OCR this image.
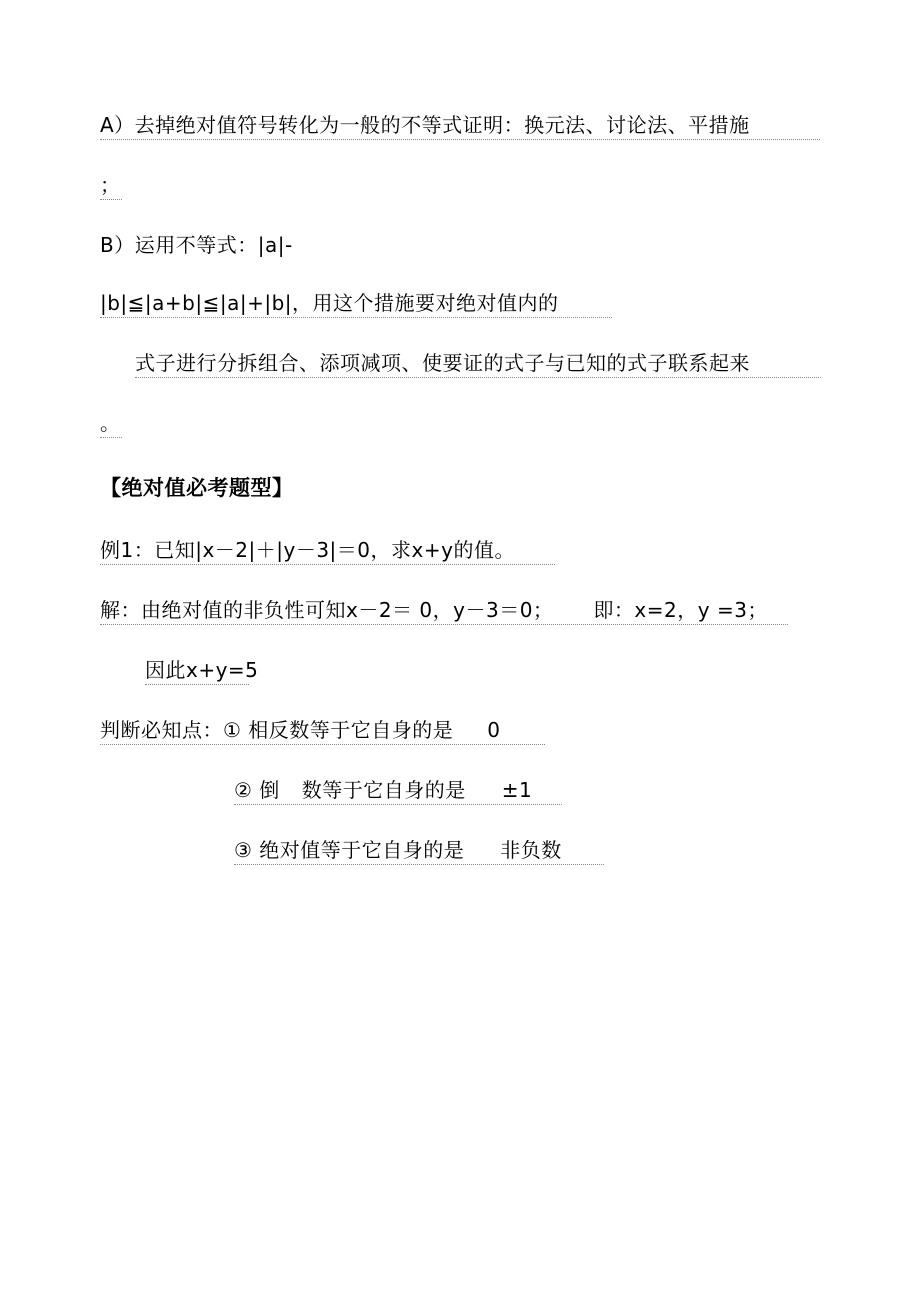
A）去掉绝对值符号转化为一般的不等式证明：换元法、讨论法、平措施
；
B）运用不等式：|a|-
|b|≦|a+b|≦|a|+|b|，用这个措施要对绝对值内的
式子进行分拆组合、添项减项、使要证的式子与已知的式子联系起来
。
【绝对值必考题型】
例1：已知|x－2|＋|y－3|＝0，求x+y的值。
解：由绝对值的非负性可知x－2＝ 0，y－3＝0； 即：x=2，y =3；
因此x+y=5
判断必知点：① 相反数等于它自身的是 0
② 倒 数等于它自身的是 ±1
③ 绝对值等于它自身的是 非负数
